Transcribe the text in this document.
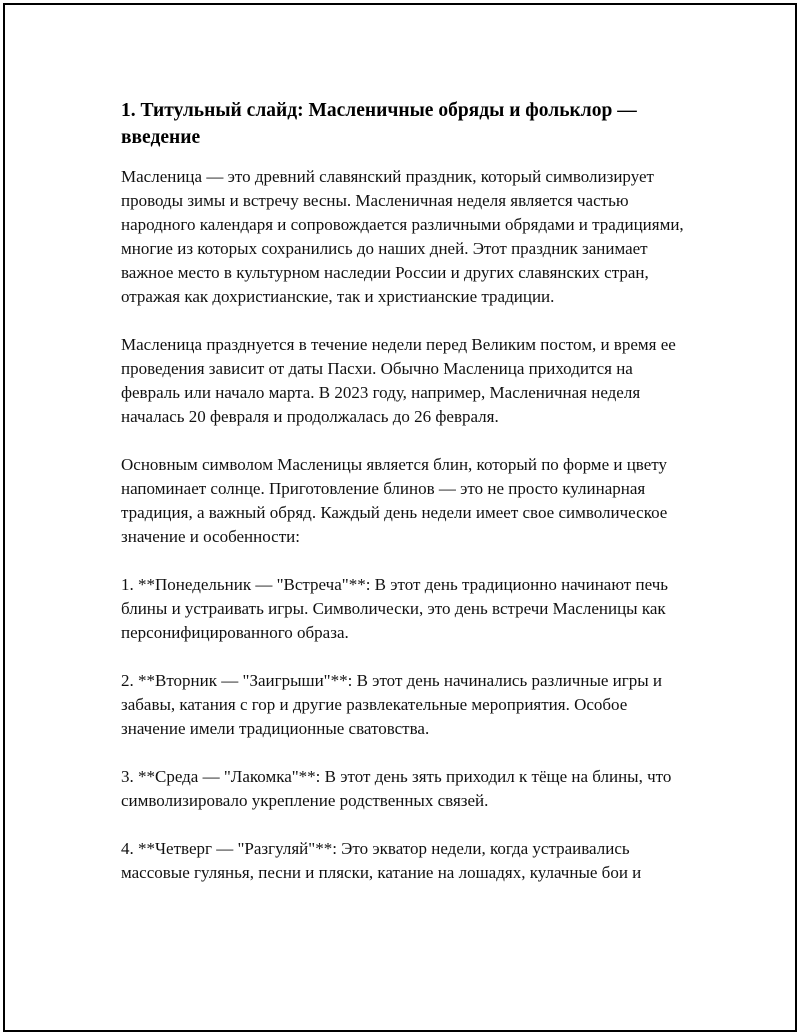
1. Титульный слайд: Масленичные обряды и фольклор — введение

Масленица — это древний славянский праздник, который символизирует проводы зимы и встречу весны. Масленичная неделя является частью народного календаря и сопровождается различными обрядами и традициями, многие из которых сохранились до наших дней. Этот праздник занимает важное место в культурном наследии России и других славянских стран, отражая как дохристианские, так и христианские традиции.

Масленица празднуется в течение недели перед Великим постом, и время ее проведения зависит от даты Пасхи. Обычно Масленица приходится на февраль или начало марта. В 2023 году, например, Масленичная неделя началась 20 февраля и продолжалась до 26 февраля.

Основным символом Масленицы является блин, который по форме и цвету напоминает солнце. Приготовление блинов — это не просто кулинарная традиция, а важный обряд. Каждый день недели имеет свое символическое значение и особенности:

1. **Понедельник — "Встреча"**: В этот день традиционно начинают печь блины и устраивать игры. Символически, это день встречи Масленицы как персонифицированного образа.

2. **Вторник — "Заигрыши"**: В этот день начинались различные игры и забавы, катания с гор и другие развлекательные мероприятия. Особое значение имели традиционные сватовства.

3. **Среда — "Лакомка"**: В этот день зять приходил к тёще на блины, что символизировало укрепление родственных связей.

4. **Четверг — "Разгуляй"**: Это экватор недели, когда устраивались массовые гулянья, песни и пляски, катание на лошадях, кулачные бои и
